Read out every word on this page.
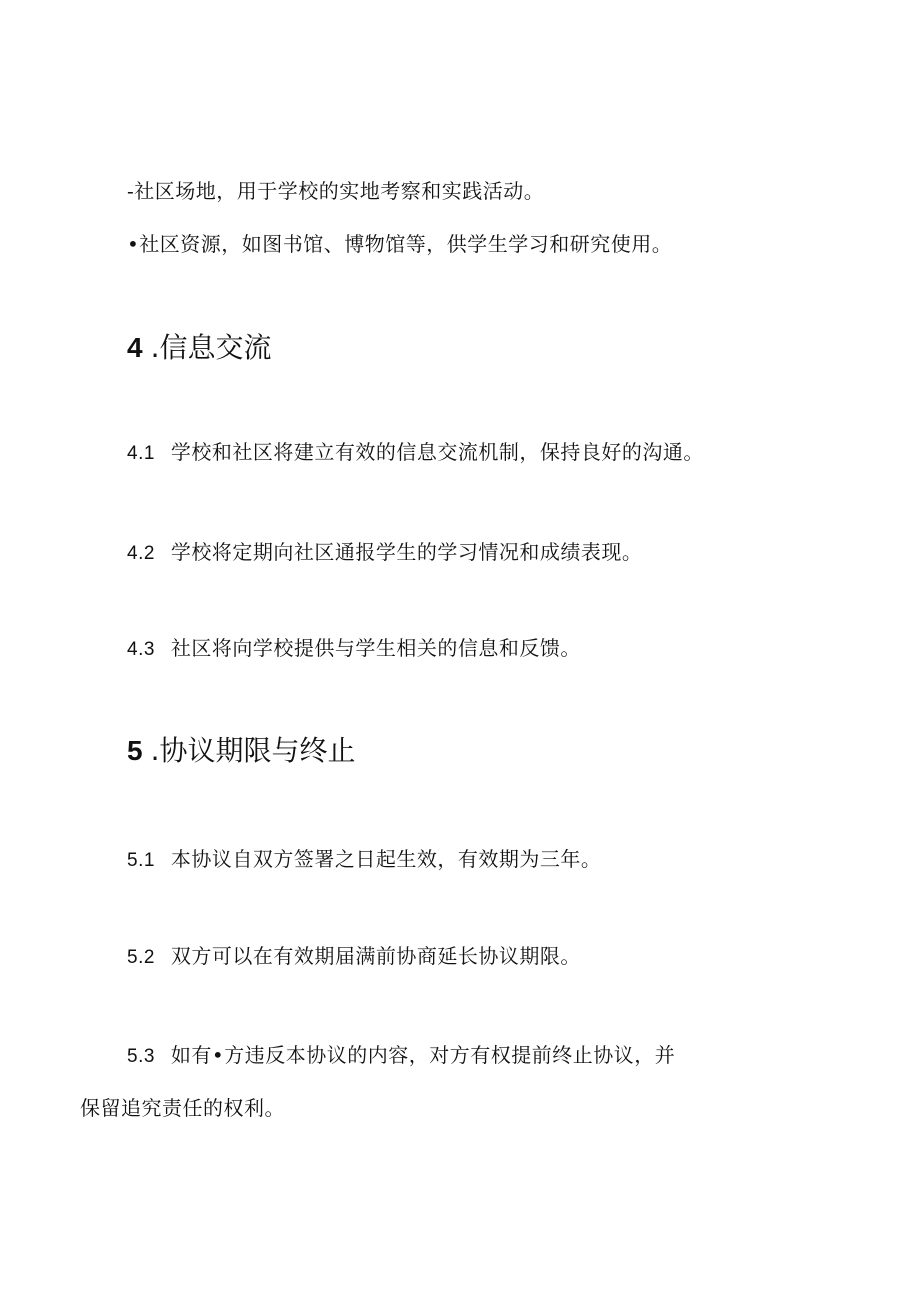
-社区场地，用于学校的实地考察和实践活动。
•社区资源，如图书馆、博物馆等，供学生学习和研究使用。
4 .信息交流
4.1 学校和社区将建立有效的信息交流机制，保持良好的沟通。
4.2 学校将定期向社区通报学生的学习情况和成绩表现。
4.3 社区将向学校提供与学生相关的信息和反馈。
5 .协议期限与终止
5.1 本协议自双方签署之日起生效，有效期为三年。
5.2 双方可以在有效期届满前协商延长协议期限。
5.3 如有•方违反本协议的内容，对方有权提前终止协议，并
保留追究责任的权利。
